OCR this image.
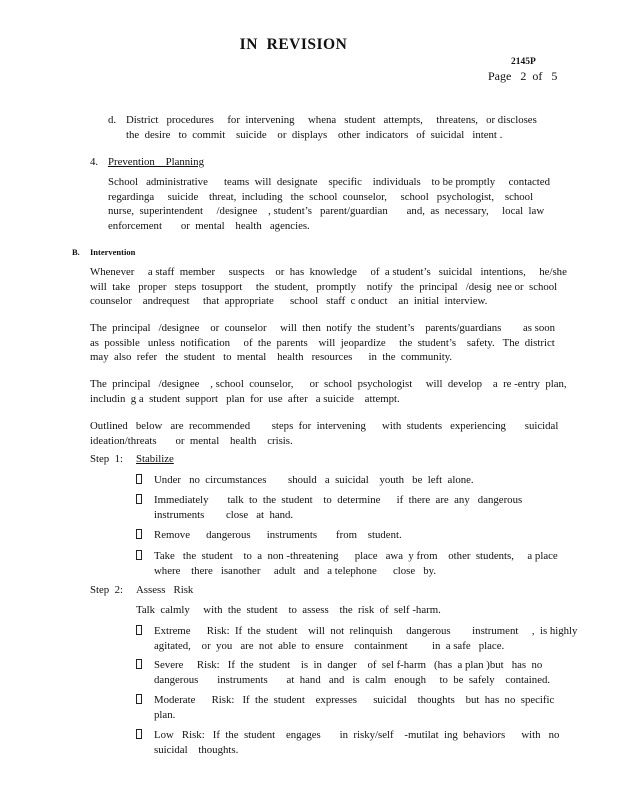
IN  REVISION
2145P
Page   2  of   5
d. District   procedures     for  intervening     whena   student   attempts,     threatens,   or discloses
the  desire   to  commit    suicide    or  displays    other  indicators   of  suicidal   intent .
4. Prevention    Planning
School   administrative      teams  will  designate    specific    individuals    to be promptly     contacted
regardinga     suicide    threat,  including   the  school  counselor,     school   psychologist,    school
nurse,  superintendent     /designee    , student’s   parent/guardian       and,  as  necessary,     local  law
enforcement       or  mental    health   agencies.
B. Intervention
Whenever     a staff  member     suspects    or  has  knowledge     of  a student’s   suicidal   intentions,     he/she
will  take   proper   steps  tosupport     the  student,   promptly    notify   the  principal   /desig  nee or  school
counselor    andrequest     that  appropriate      school   staff  c onduct    an  initial  interview.
The  principal   /designee    or  counselor     will  then  notify  the  student’s    parents/guardians        as soon
as  possible   unless  notification     of  the  parents    will  jeopardize     the  student’s    safety.   The  district
may  also  refer   the  student   to  mental    health   resources      in  the  community.
The  principal   /designee    , school  counselor,      or  school  psychologist     will  develop    a  re -entry  plan,
includin  g a  student  support   plan  for  use  after   a suicide    attempt.
Outlined   below   are  recommended        steps  for  intervening      with  students   experiencing       suicidal
ideation/threats       or  mental    health    crisis.
Step  1: Stabilize
Under   no  circumstances        should   a  suicidal    youth   be  left  alone.
Immediately       talk  to  the  student    to  determine      if  there  are  any   dangerous
instruments        close   at  hand.
Remove      dangerous      instruments       from    student.
Take   the  student    to  a  non -threatening      place   awa  y from    other  students,     a place
where    there   isanother     adult   and   a telephone      close   by.
Step  2: Assess   Risk
Talk  calmly     with  the  student    to  assess    the  risk  of  self -harm.
Extreme      Risk:  If  the  student    will  not  relinquish     dangerous        instrument     ,  is highly
agitated,    or  you   are  not  able  to  ensure    containment         in  a safe   place.
Severe     Risk:   If  the  student    is  in  danger    of  sel f-harm   (has  a plan )but   has  no
dangerous       instruments       at  hand   and   is  calm   enough     to  be  safely    contained.
Moderate      Risk:   If  the  student    expresses      suicidal    thoughts    but  has  no  specific
plan.
Low   Risk:   If  the  student    engages       in  risky/self    -mutilat  ing  behaviors      with   no
suicidal    thoughts.
